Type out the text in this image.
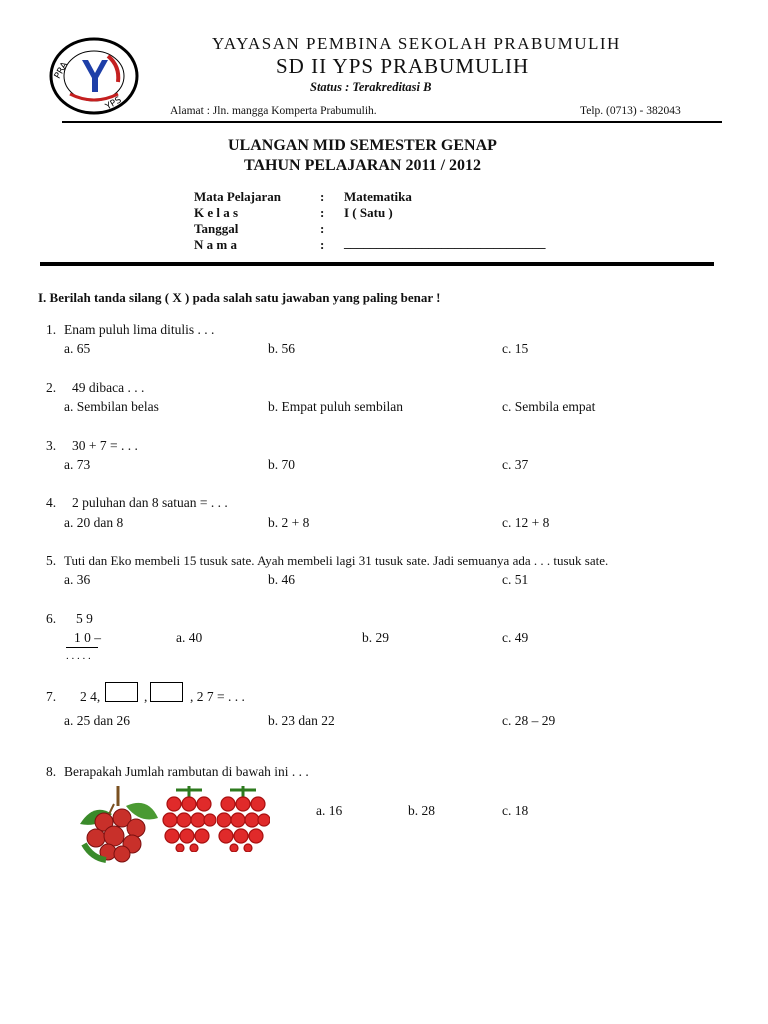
PRA
YPS
YAYASAN PEMBINA SEKOLAH PRABUMULIH
SD II YPS PRABUMULIH
Status : Terakreditasi B
Alamat : Jln. mangga Komperta Prabumulih.	Telp. (0713) - 382043
ULANGAN MID SEMESTER GENAP
TAHUN PELAJARAN 2011 / 2012
Mata Pelajaran	: Matematika
K e l a s	: I ( Satu )
Tanggal	:
N a m a	: _______________________________
I. Berilah tanda silang ( X ) pada salah satu jawaban yang paling benar !
1. Enam puluh lima ditulis . . .
a. 65	b. 56	c. 15
2. 49 dibaca . . .
a. Sembilan belas	b. Empat puluh sembilan	c. Sembila empat
3. 30 + 7 = . . .
a. 73	b. 70	c. 37
4. 2 puluhan dan 8 satuan = . . .
a. 20 dan 8	b. 2 + 8	c. 12 + 8
5. Tuti dan Eko membeli 15 tusuk sate. Ayah membeli lagi 31 tusuk sate. Jadi semuanya ada . . . tusuk sate.
a. 36	b. 46	c. 51
6. 5 9
1 0 –
. . . . .
a. 40	b. 29	c. 49
7. 2 4,	,	, 2 7 = . . .
a. 25 dan 26	b. 23 dan 22	c. 28 – 29
8. Berapakah Jumlah rambutan di bawah ini . . .
a. 16	b. 28	c. 18
